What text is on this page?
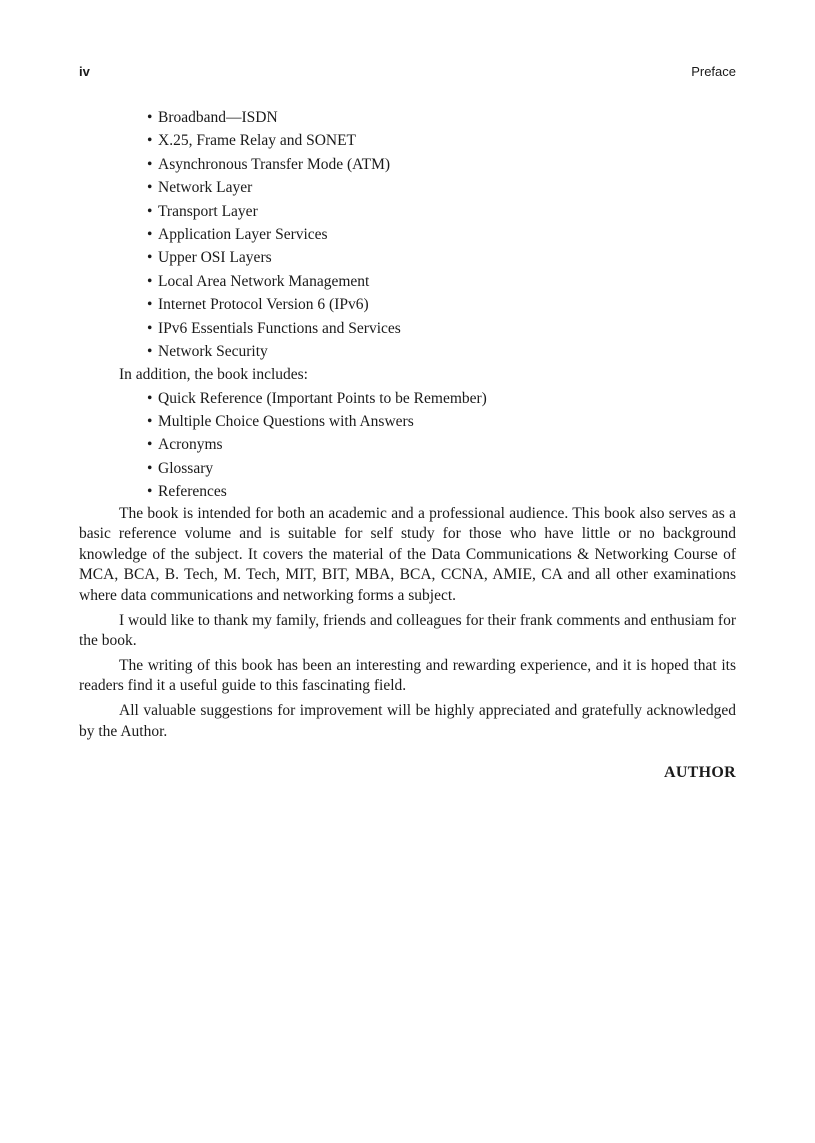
iv	Preface
• Broadband—ISDN
• X.25, Frame Relay and SONET
• Asynchronous Transfer Mode (ATM)
• Network Layer
• Transport Layer
• Application Layer Services
• Upper OSI Layers
• Local Area Network Management
• Internet Protocol Version 6 (IPv6)
• IPv6 Essentials Functions and Services
• Network Security
In addition, the book includes:
• Quick Reference (Important Points to be Remember)
• Multiple Choice Questions with Answers
• Acronyms
• Glossary
• References

The book is intended for both an academic and a professional audience. This book also serves as a basic reference volume and is suitable for self study for those who have little or no background knowledge of the subject. It covers the material of the Data Communications & Networking Course of MCA, BCA, B. Tech, M. Tech, MIT, BIT, MBA, BCA, CCNA, AMIE, CA and all other examinations where data communications and networking forms a subject.

I would like to thank my family, friends and colleagues for their frank comments and enthusiam for the book.

The writing of this book has been an interesting and rewarding experience, and it is hoped that its readers find it a useful guide to this fascinating field.

All valuable suggestions for improvement will be highly appreciated and gratefully acknowledged by the Author.

AUTHOR
